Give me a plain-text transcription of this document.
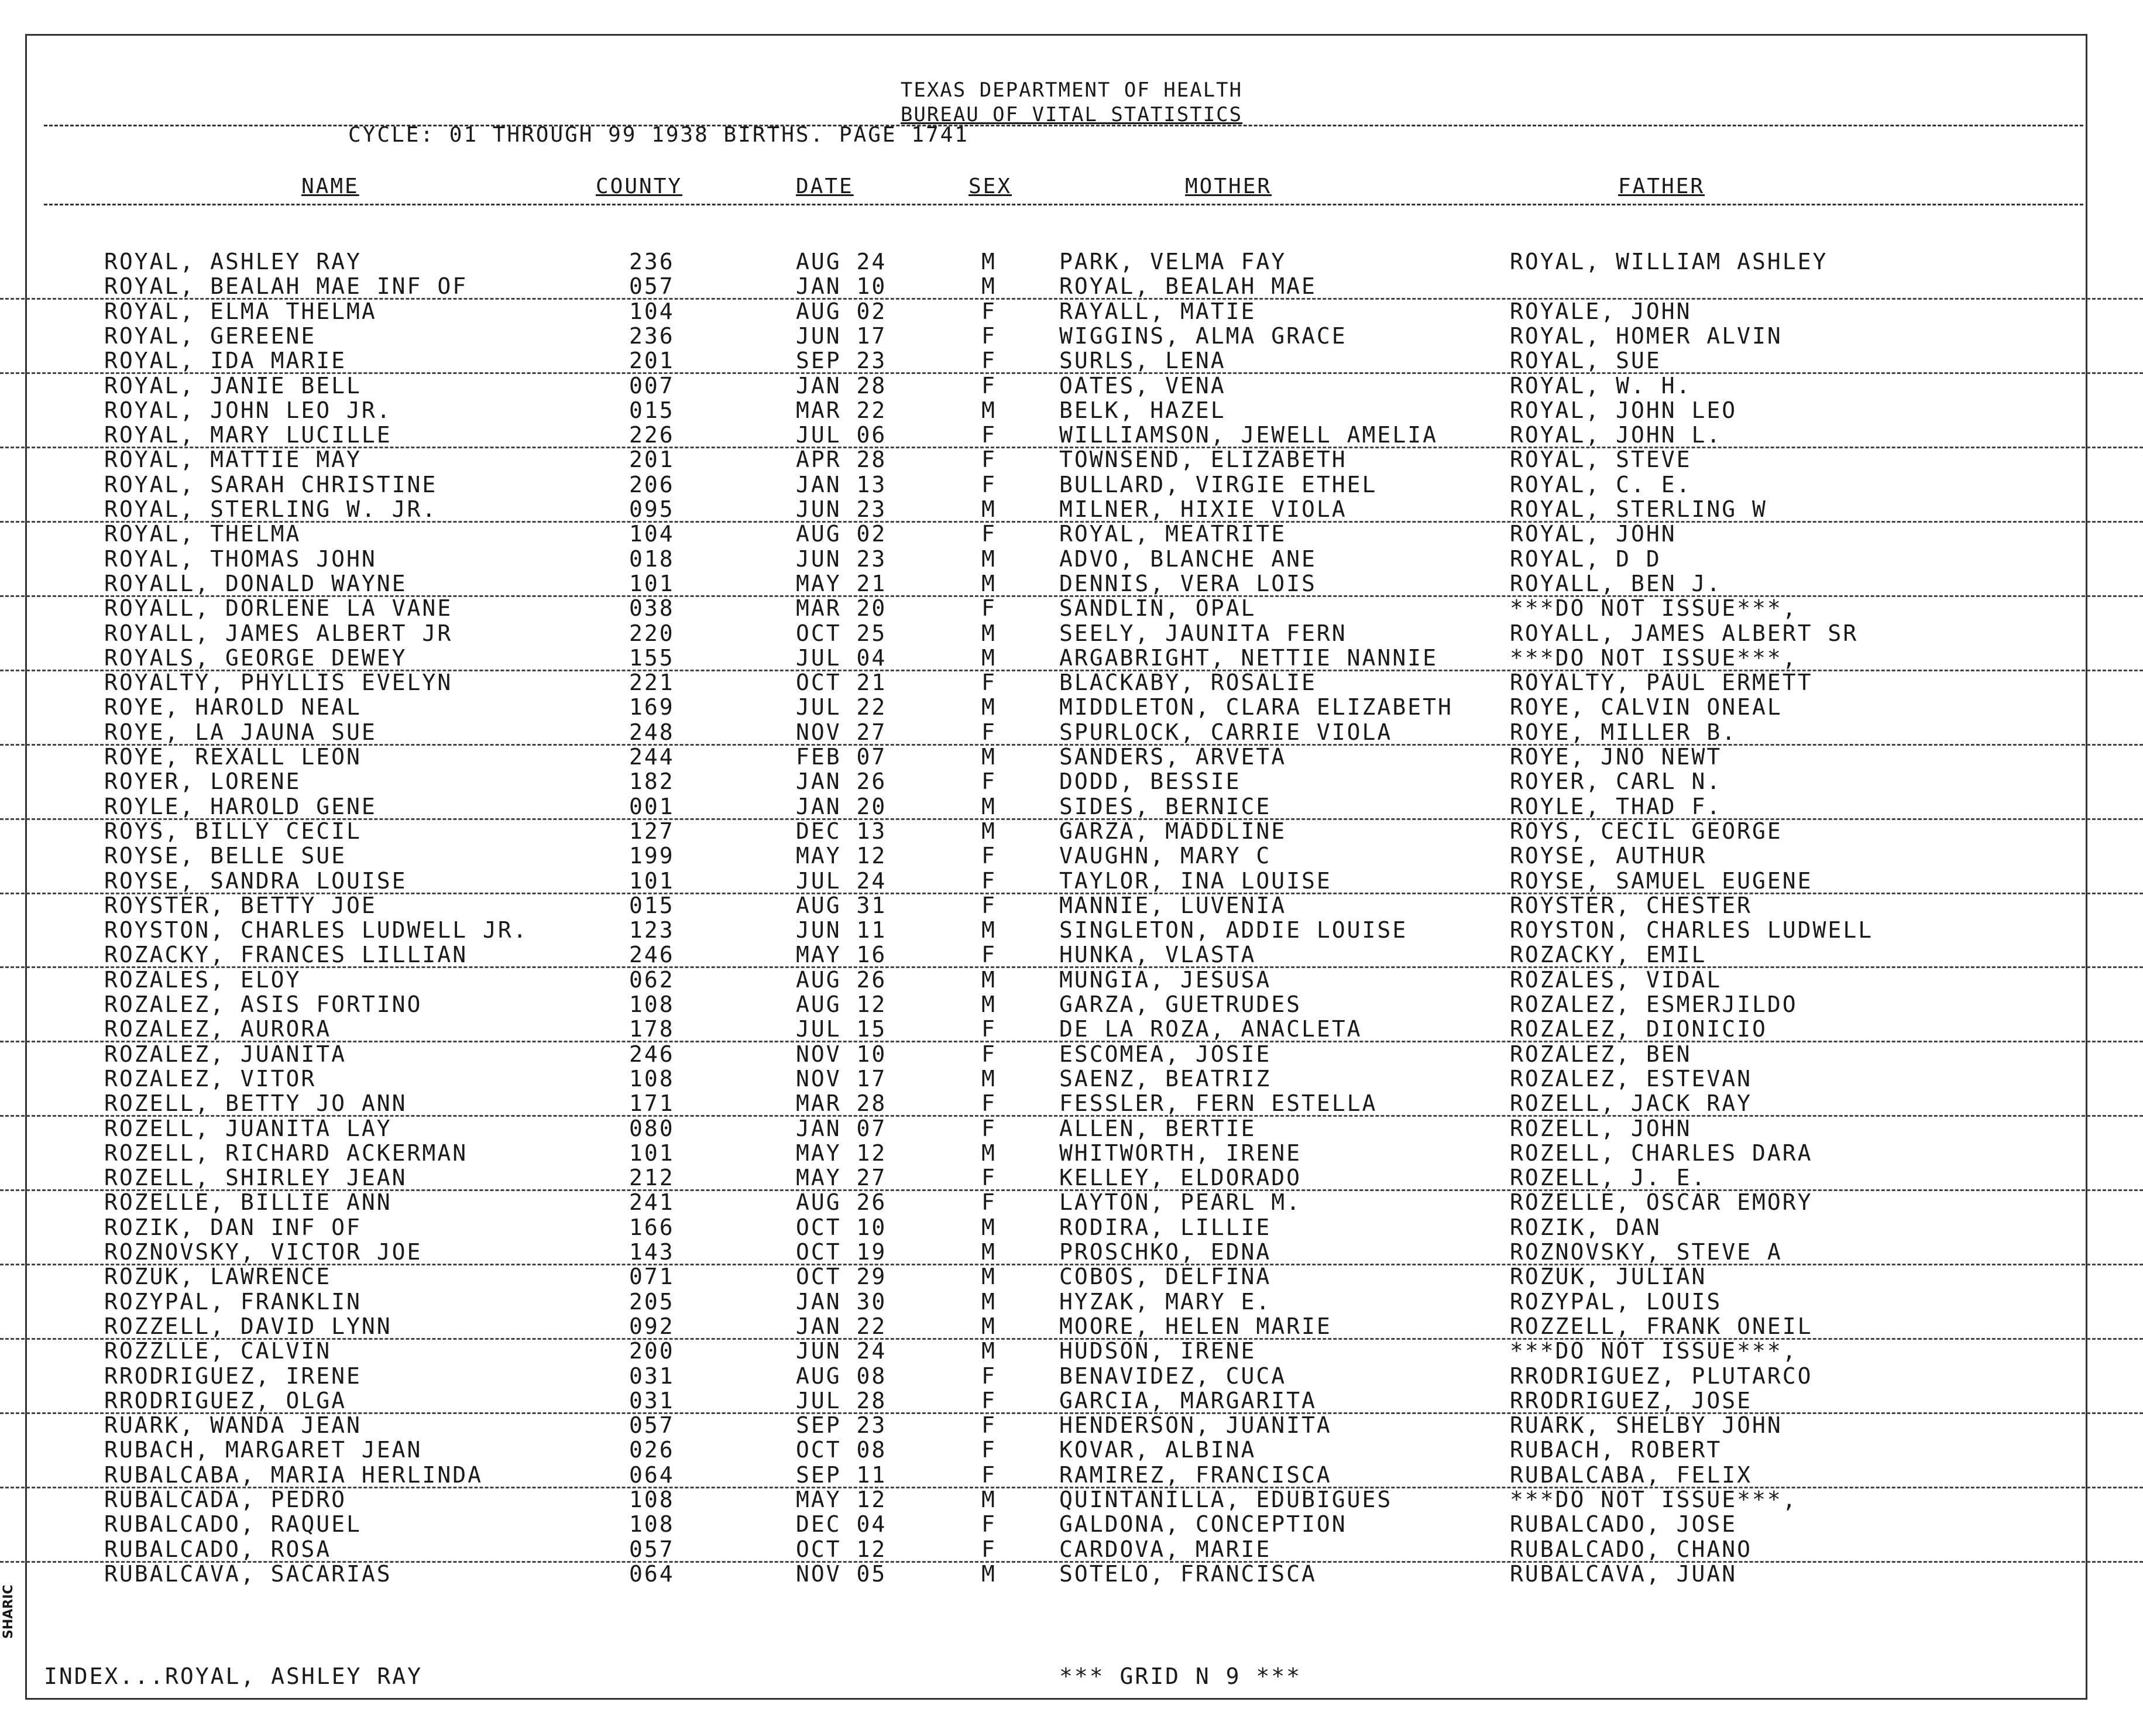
TEXAS DEPARTMENT OF HEALTH
BUREAU OF VITAL STATISTICS
CYCLE: 01 THROUGH 99 1938 BIRTHS. PAGE 1741
NAME	COUNTY	DATE	SEX	MOTHER	FATHER
ROYAL, ASHLEY RAY	236	AUG 24	M	PARK, VELMA FAY	ROYAL, WILLIAM ASHLEY
ROYAL, BEALAH MAE INF OF	057	JAN 10	M	ROYAL, BEALAH MAE
ROYAL, ELMA THELMA	104	AUG 02	F	RAYALL, MATIE	ROYALE, JOHN
ROYAL, GEREENE	236	JUN 17	F	WIGGINS, ALMA GRACE	ROYAL, HOMER ALVIN
ROYAL, IDA MARIE	201	SEP 23	F	SURLS, LENA	ROYAL, SUE
ROYAL, JANIE BELL	007	JAN 28	F	OATES, VENA	ROYAL, W. H.
ROYAL, JOHN LEO JR.	015	MAR 22	M	BELK, HAZEL	ROYAL, JOHN LEO
ROYAL, MARY LUCILLE	226	JUL 06	F	WILLIAMSON, JEWELL AMELIA	ROYAL, JOHN L.
ROYAL, MATTIE MAY	201	APR 28	F	TOWNSEND, ELIZABETH	ROYAL, STEVE
ROYAL, SARAH CHRISTINE	206	JAN 13	F	BULLARD, VIRGIE ETHEL	ROYAL, C. E.
ROYAL, STERLING W. JR.	095	JUN 23	M	MILNER, HIXIE VIOLA	ROYAL, STERLING W
ROYAL, THELMA	104	AUG 02	F	ROYAL, MEATRITE	ROYAL, JOHN
ROYAL, THOMAS JOHN	018	JUN 23	M	ADVO, BLANCHE ANE	ROYAL, D D
ROYALL, DONALD WAYNE	101	MAY 21	M	DENNIS, VERA LOIS	ROYALL, BEN J.
ROYALL, DORLENE LA VANE	038	MAR 20	F	SANDLIN, OPAL	***DO NOT ISSUE***,
ROYALL, JAMES ALBERT JR	220	OCT 25	M	SEELY, JAUNITA FERN	ROYALL, JAMES ALBERT SR
ROYALS, GEORGE DEWEY	155	JUL 04	M	ARGABRIGHT, NETTIE NANNIE	***DO NOT ISSUE***,
ROYALTY, PHYLLIS EVELYN	221	OCT 21	F	BLACKABY, ROSALIE	ROYALTY, PAUL ERMETT
ROYE, HAROLD NEAL	169	JUL 22	M	MIDDLETON, CLARA ELIZABETH	ROYE, CALVIN ONEAL
ROYE, LA JAUNA SUE	248	NOV 27	F	SPURLOCK, CARRIE VIOLA	ROYE, MILLER B.
ROYE, REXALL LEON	244	FEB 07	M	SANDERS, ARVETA	ROYE, JNO NEWT
ROYER, LORENE	182	JAN 26	F	DODD, BESSIE	ROYER, CARL N.
ROYLE, HAROLD GENE	001	JAN 20	M	SIDES, BERNICE	ROYLE, THAD F.
ROYS, BILLY CECIL	127	DEC 13	M	GARZA, MADDLINE	ROYS, CECIL GEORGE
ROYSE, BELLE SUE	199	MAY 12	F	VAUGHN, MARY C	ROYSE, AUTHUR
ROYSE, SANDRA LOUISE	101	JUL 24	F	TAYLOR, INA LOUISE	ROYSE, SAMUEL EUGENE
ROYSTER, BETTY JOE	015	AUG 31	F	MANNIE, LUVENIA	ROYSTER, CHESTER
ROYSTON, CHARLES LUDWELL JR.	123	JUN 11	M	SINGLETON, ADDIE LOUISE	ROYSTON, CHARLES LUDWELL
ROZACKY, FRANCES LILLIAN	246	MAY 16	F	HUNKA, VLASTA	ROZACKY, EMIL
ROZALES, ELOY	062	AUG 26	M	MUNGIA, JESUSA	ROZALES, VIDAL
ROZALEZ, ASIS FORTINO	108	AUG 12	M	GARZA, GUETRUDES	ROZALEZ, ESMERJILDO
ROZALEZ, AURORA	178	JUL 15	F	DE LA ROZA, ANACLETA	ROZALEZ, DIONICIO
ROZALEZ, JUANITA	246	NOV 10	F	ESCOMEA, JOSIE	ROZALEZ, BEN
ROZALEZ, VITOR	108	NOV 17	M	SAENZ, BEATRIZ	ROZALEZ, ESTEVAN
ROZELL, BETTY JO ANN	171	MAR 28	F	FESSLER, FERN ESTELLA	ROZELL, JACK RAY
ROZELL, JUANITA LAY	080	JAN 07	F	ALLEN, BERTIE	ROZELL, JOHN
ROZELL, RICHARD ACKERMAN	101	MAY 12	M	WHITWORTH, IRENE	ROZELL, CHARLES DARA
ROZELL, SHIRLEY JEAN	212	MAY 27	F	KELLEY, ELDORADO	ROZELL, J. E.
ROZELLE, BILLIE ANN	241	AUG 26	F	LAYTON, PEARL M.	ROZELLE, OSCAR EMORY
ROZIK, DAN INF OF	166	OCT 10	M	RODIRA, LILLIE	ROZIK, DAN
ROZNOVSKY, VICTOR JOE	143	OCT 19	M	PROSCHKO, EDNA	ROZNOVSKY, STEVE A
ROZUK, LAWRENCE	071	OCT 29	M	COBOS, DELFINA	ROZUK, JULIAN
ROZYPAL, FRANKLIN	205	JAN 30	M	HYZAK, MARY E.	ROZYPAL, LOUIS
ROZZELL, DAVID LYNN	092	JAN 22	M	MOORE, HELEN MARIE	ROZZELL, FRANK ONEIL
ROZZLLE, CALVIN	200	JUN 24	M	HUDSON, IRENE	***DO NOT ISSUE***,
RRODRIGUEZ, IRENE	031	AUG 08	F	BENAVIDEZ, CUCA	RRODRIGUEZ, PLUTARCO
RRODRIGUEZ, OLGA	031	JUL 28	F	GARCIA, MARGARITA	RRODRIGUEZ, JOSE
RUARK, WANDA JEAN	057	SEP 23	F	HENDERSON, JUANITA	RUARK, SHELBY JOHN
RUBACH, MARGARET JEAN	026	OCT 08	F	KOVAR, ALBINA	RUBACH, ROBERT
RUBALCABA, MARIA HERLINDA	064	SEP 11	F	RAMIREZ, FRANCISCA	RUBALCABA, FELIX
RUBALCADA, PEDRO	108	MAY 12	M	QUINTANILLA, EDUBIGUES	***DO NOT ISSUE***,
RUBALCADO, RAQUEL	108	DEC 04	F	GALDONA, CONCEPTION	RUBALCADO, JOSE
RUBALCADO, ROSA	057	OCT 12	F	CARDOVA, MARIE	RUBALCADO, CHANO
RUBALCAVA, SACARIAS	064	NOV 05	M	SOTELO, FRANCISCA	RUBALCAVA, JUAN
INDEX...ROYAL, ASHLEY RAY	*** GRID N 9 ***
SHARIC
